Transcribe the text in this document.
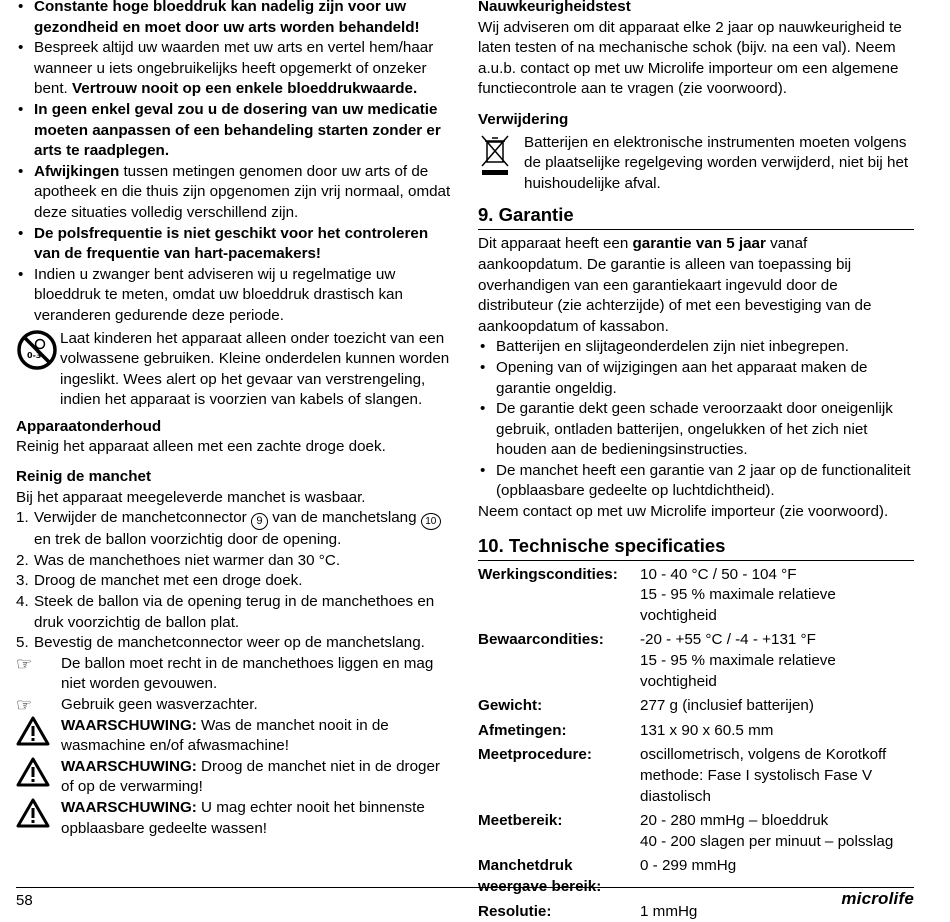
• Constante hoge bloeddruk kan nadelig zijn voor uw gezondheid en moet door uw arts worden behandeld!
• Bespreek altijd uw waarden met uw arts en vertel hem/haar wanneer u iets ongebruikelijks heeft opgemerkt of onzeker bent. Vertrouw nooit op een enkele bloeddrukwaarde.
• In geen enkel geval zou u de dosering van uw medicatie moeten aanpassen of een behandeling starten zonder er arts te raadplegen.
• Afwijkingen tussen metingen genomen door uw arts of de apotheek en die thuis zijn opgenomen zijn vrij normaal, omdat deze situaties volledig verschillend zijn.
• De polsfrequentie is niet geschikt voor het controleren van de frequentie van hart-pacemakers!
• Indien u zwanger bent adviseren wij u regelmatige uw bloeddruk te meten, omdat uw bloeddruk drastisch kan veranderen gedurende deze periode.
0-3

Laat kinderen het apparaat alleen onder toezicht van een volwassene gebruiken. Kleine onderdelen kunnen worden ingeslikt. Wees alert op het gevaar van verstrengeling, indien het apparaat is voorzien van kabels of slangen.

Apparaatonderhoud

Reinig het apparaat alleen met een zachte droge doek.

Reinig de manchet

Bij het apparaat meegeleverde manchet is wasbaar.

1. Verwijder de manchetconnector 9 van de manchetslang 10 en trek de ballon voorzichtig door de opening.
2. Was de manchethoes niet warmer dan 30 °C.
3. Droog de manchet met een droge doek.
4. Steek de ballon via de opening terug in de manchethoes en druk voorzichtig de ballon plat.
5. Bevestig de manchetconnector weer op de manchetslang.
☞	De ballon moet recht in de manchethoes liggen en mag niet worden gevouwen.

☞	Gebruik geen wasverzachter.

WAARSCHUWING: Was de manchet nooit in de wasmachine en/of afwasmachine!

WAARSCHUWING: Droog de manchet niet in de droger of op de verwarming!

WAARSCHUWING: U mag echter nooit het binnenste opblaasbare gedeelte wassen!

Nauwkeurigheidstest

Wij adviseren om dit apparaat elke 2 jaar op nauwkeurigheid te laten testen of na mechanische schok (bijv. na een val). Neem a.u.b. contact op met uw Microlife importeur om een algemene functiecontrole aan te vragen (zie voorwoord).

Verwijdering

Batterijen en elektronische instrumenten moeten volgens de plaatselijke regelgeving worden verwijderd, niet bij het huishoudelijke afval.

9. Garantie

Dit apparaat heeft een garantie van 5 jaar vanaf aankoopdatum. De garantie is alleen van toepassing bij overhandigen van een garantiekaart ingevuld door de distributeur (zie achterzijde) of met een bevestiging van de aankoopdatum of kassabon.

• Batterijen en slijtageonderdelen zijn niet inbegrepen.
• Opening van of wijzigingen aan het apparaat maken de garantie ongeldig.
• De garantie dekt geen schade veroorzaakt door oneigenlijk gebruik, ontladen batterijen, ongelukken of het zich niet houden aan de bedieningsinstructies.
• De manchet heeft een garantie van 2 jaar op de functionaliteit (opblaasbare gedeelte op luchtdichtheid).

Neem contact op met uw Microlife importeur (zie voorwoord).

10. Technische specificaties
Werkingscondities:	10 - 40 °C / 50 - 104 °F
15 - 95 % maximale relatieve vochtigheid

Bewaarcondities:	-20 - +55 °C / -4 - +131 °F
15 - 95 % maximale relatieve vochtigheid

Gewicht:	277 g (inclusief batterijen)

Afmetingen:	131 x 90 x 60.5 mm

Meetprocedure:	oscillometrisch, volgens de Korotkoff methode: Fase I systolisch Fase V diastolisch

Meetbereik:	20 - 280 mmHg – bloeddruk
40 - 200 slagen per minuut – polsslag

Manchetdruk weergave bereik:	0 - 299 mmHg

Resolutie:	1 mmHg
58	microlife
